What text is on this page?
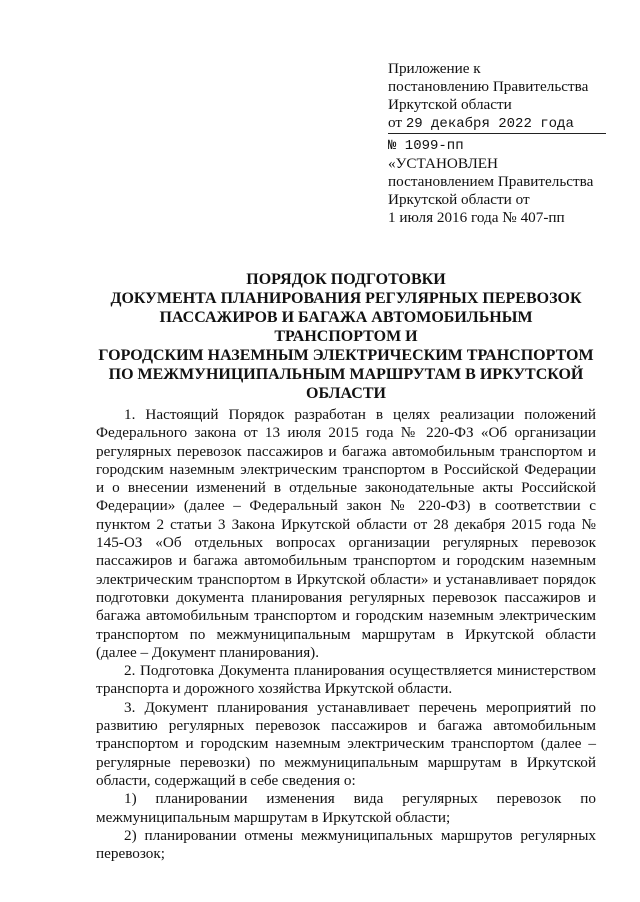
Приложение к
постановлению Правительства
Иркутской области
от 29 декабря 2022 года
№ 1099-пп
«УСТАНОВЛЕН
постановлением Правительства
Иркутской области от
1 июля 2016 года № 407-пп
ПОРЯДОК ПОДГОТОВКИ
ДОКУМЕНТА ПЛАНИРОВАНИЯ РЕГУЛЯРНЫХ ПЕРЕВОЗОК
ПАССАЖИРОВ И БАГАЖА АВТОМОБИЛЬНЫМ ТРАНСПОРТОМ И
ГОРОДСКИМ НАЗЕМНЫМ ЭЛЕКТРИЧЕСКИМ ТРАНСПОРТОМ
ПО МЕЖМУНИЦИПАЛЬНЫМ МАРШРУТАМ В ИРКУТСКОЙ
ОБЛАСТИ

1. Настоящий Порядок разработан в целях реализации положений Федерального закона от 13 июля 2015 года № 220-ФЗ «Об организации регулярных перевозок пассажиров и багажа автомобильным транспортом и городским наземным электрическим транспортом в Российской Федерации и о внесении изменений в отдельные законодательные акты Российской Федерации» (далее – Федеральный закон № 220-ФЗ) в соответствии с пунктом 2 статьи 3 Закона Иркутской области от 28 декабря 2015 года № 145-ОЗ «Об отдельных вопросах организации регулярных перевозок пассажиров и багажа автомобильным транспортом и городским наземным электрическим транспортом в Иркутской области» и устанавливает порядок подготовки документа планирования регулярных перевозок пассажиров и багажа автомобильным транспортом и городским наземным электрическим транспортом по межмуниципальным маршрутам в Иркутской области (далее – Документ планирования).

2. Подготовка Документа планирования осуществляется министерством транспорта и дорожного хозяйства Иркутской области.

3. Документ планирования устанавливает перечень мероприятий по развитию регулярных перевозок пассажиров и багажа автомобильным транспортом и городским наземным электрическим транспортом (далее – регулярные перевозки) по межмуниципальным маршрутам в Иркутской области, содержащий в себе сведения о:

1) планировании изменения вида регулярных перевозок по межмуниципальным маршрутам в Иркутской области;

2) планировании отмены межмуниципальных маршрутов регулярных перевозок;
